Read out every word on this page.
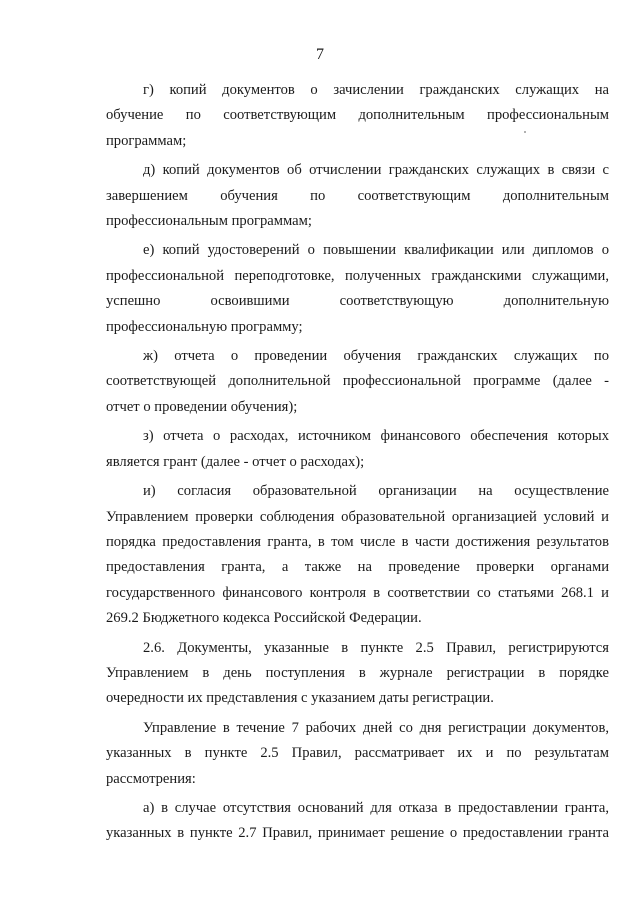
7
г) копий документов о зачислении гражданских служащих на
обучение по соответствующим дополнительным профессиональным
программам;
д) копий документов об отчислении гражданских служащих в связи с
завершением обучения по соответствующим дополнительным
профессиональным программам;
е) копий удостоверений о повышении квалификации или дипломов о
профессиональной переподготовке, полученных гражданскими служащими,
успешно освоившими соответствующую дополнительную
профессиональную программу;
ж) отчета о проведении обучения гражданских служащих по
соответствующей дополнительной профессиональной программе (далее -
отчет о проведении обучения);
з) отчета о расходах, источником финансового обеспечения которых
является грант (далее - отчет о расходах);
и) согласия образовательной организации на осуществление
Управлением проверки соблюдения образовательной организацией условий и
порядка предоставления гранта, в том числе в части достижения результатов
предоставления гранта, а также на проведение проверки органами
государственного финансового контроля в соответствии со статьями 268.1 и
269.2 Бюджетного кодекса Российской Федерации.
2.6. Документы, указанные в пункте 2.5 Правил, регистрируются
Управлением в день поступления в журнале регистрации в порядке
очередности их представления с указанием даты регистрации.
Управление в течение 7 рабочих дней со дня регистрации документов,
указанных в пункте 2.5 Правил, рассматривает их и по результатам
рассмотрения:
а) в случае отсутствия оснований для отказа в предоставлении гранта,
указанных в пункте 2.7 Правил, принимает решение о предоставлении гранта
